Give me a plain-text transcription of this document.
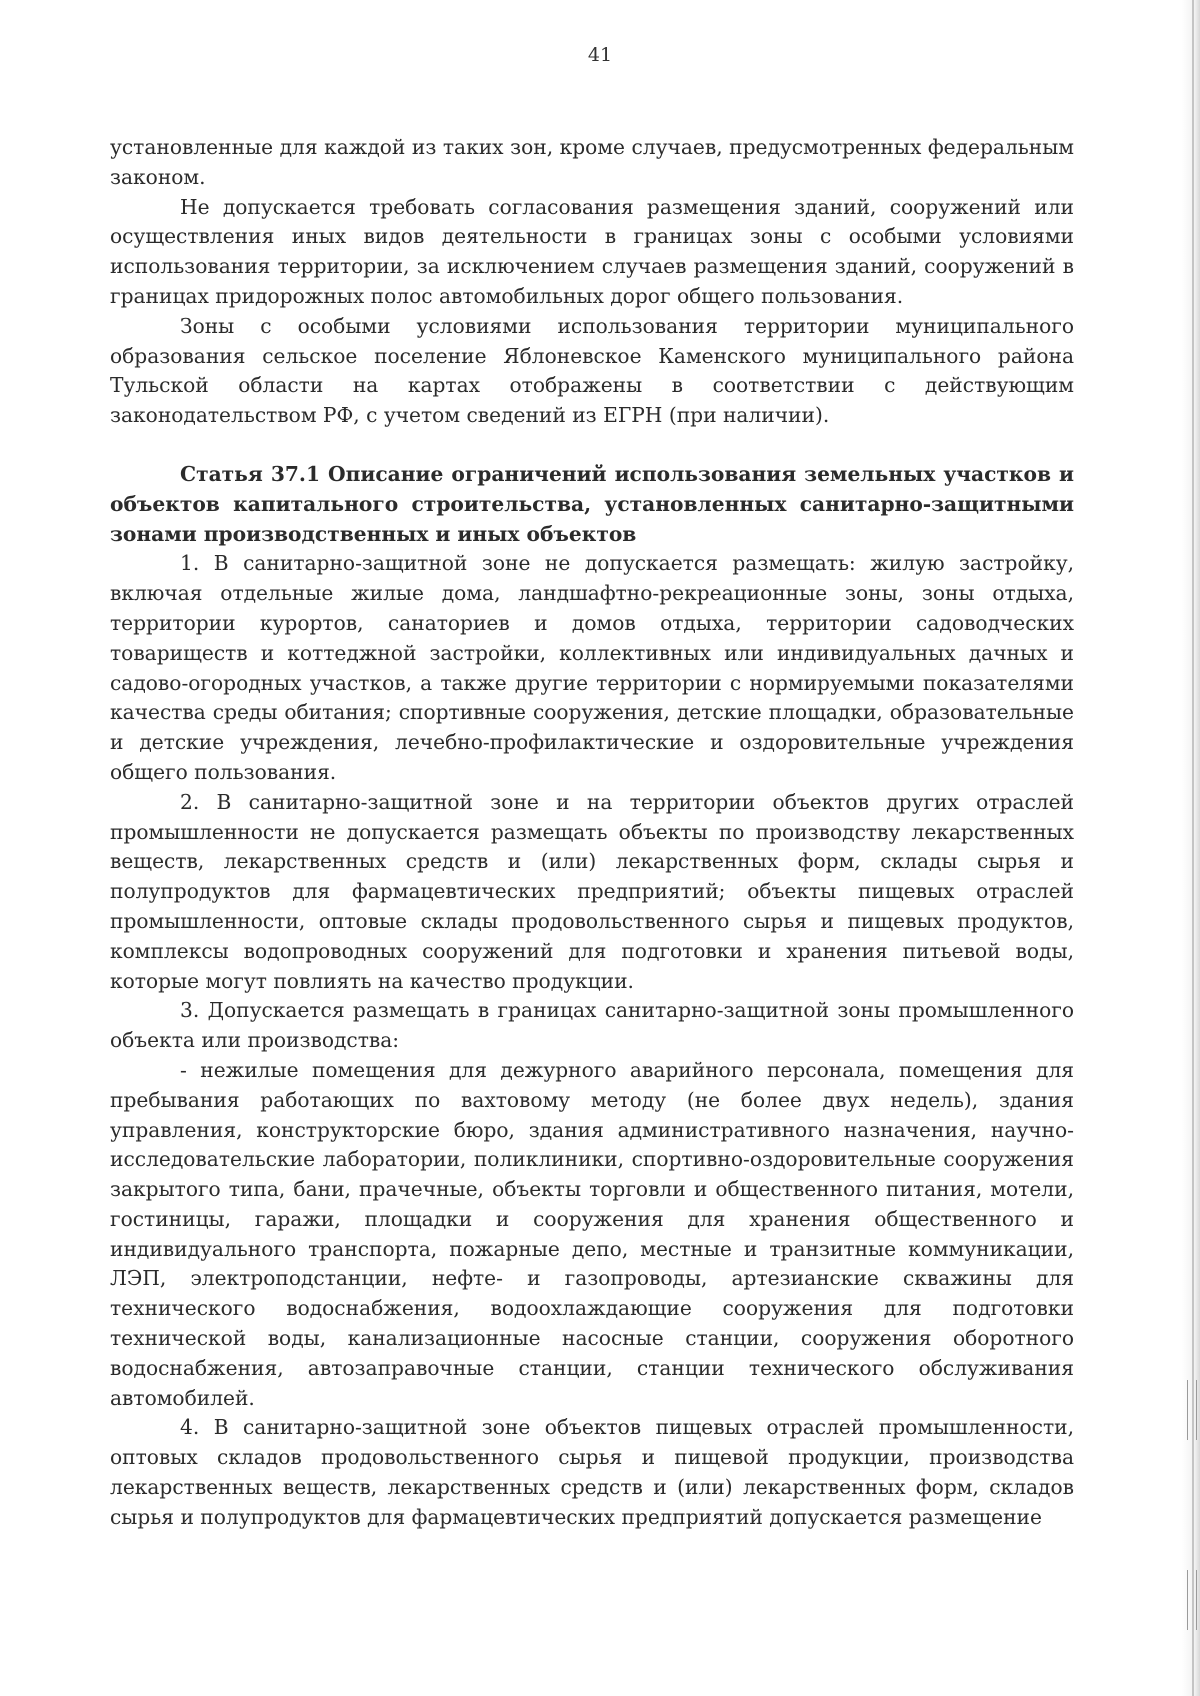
41

установленные для каждой из таких зон, кроме случаев, предусмотренных федеральным законом.

Не допускается требовать согласования размещения зданий, сооружений или осуществления иных видов деятельности в границах зоны с особыми условиями использования территории, за исключением случаев размещения зданий, сооружений в границах придорожных полос автомобильных дорог общего пользования.

Зоны с особыми условиями использования территории муниципального образования сельское поселение Яблоневское Каменского муниципального района Тульской области на картах отображены в соответствии с действующим законодательством РФ, с учетом сведений из ЕГРН (при наличии).

Статья 37.1 Описание ограничений использования земельных участков и объектов капитального строительства, установленных санитарно-защитными зонами производственных и иных объектов

1. В санитарно-защитной зоне не допускается размещать: жилую застройку, включая отдельные жилые дома, ландшафтно-рекреационные зоны, зоны отдыха, территории курортов, санаториев и домов отдыха, территории садоводческих товариществ и коттеджной застройки, коллективных или индивидуальных дачных и садово-огородных участков, а также другие территории с нормируемыми показателями качества среды обитания; спортивные сооружения, детские площадки, образовательные и детские учреждения, лечебно-профилактические и оздоровительные учреждения общего пользования.

2. В санитарно-защитной зоне и на территории объектов других отраслей промышленности не допускается размещать объекты по производству лекарственных веществ, лекарственных средств и (или) лекарственных форм, склады сырья и полупродуктов для фармацевтических предприятий; объекты пищевых отраслей промышленности, оптовые склады продовольственного сырья и пищевых продуктов, комплексы водопроводных сооружений для подготовки и хранения питьевой воды, которые могут повлиять на качество продукции.

3. Допускается размещать в границах санитарно-защитной зоны промышленного объекта или производства:

- нежилые помещения для дежурного аварийного персонала, помещения для пребывания работающих по вахтовому методу (не более двух недель), здания управления, конструкторские бюро, здания административного назначения, научно-исследовательские лаборатории, поликлиники, спортивно-оздоровительные сооружения закрытого типа, бани, прачечные, объекты торговли и общественного питания, мотели, гостиницы, гаражи, площадки и сооружения для хранения общественного и индивидуального транспорта, пожарные депо, местные и транзитные коммуникации, ЛЭП, электроподстанции, нефте- и газопроводы, артезианские скважины для технического водоснабжения, водоохлаждающие сооружения для подготовки технической воды, канализационные насосные станции, сооружения оборотного водоснабжения, автозаправочные станции, станции технического обслуживания автомобилей.

4. В санитарно-защитной зоне объектов пищевых отраслей промышленности, оптовых складов продовольственного сырья и пищевой продукции, производства лекарственных веществ, лекарственных средств и (или) лекарственных форм, складов сырья и полупродуктов для фармацевтических предприятий допускается размещение
